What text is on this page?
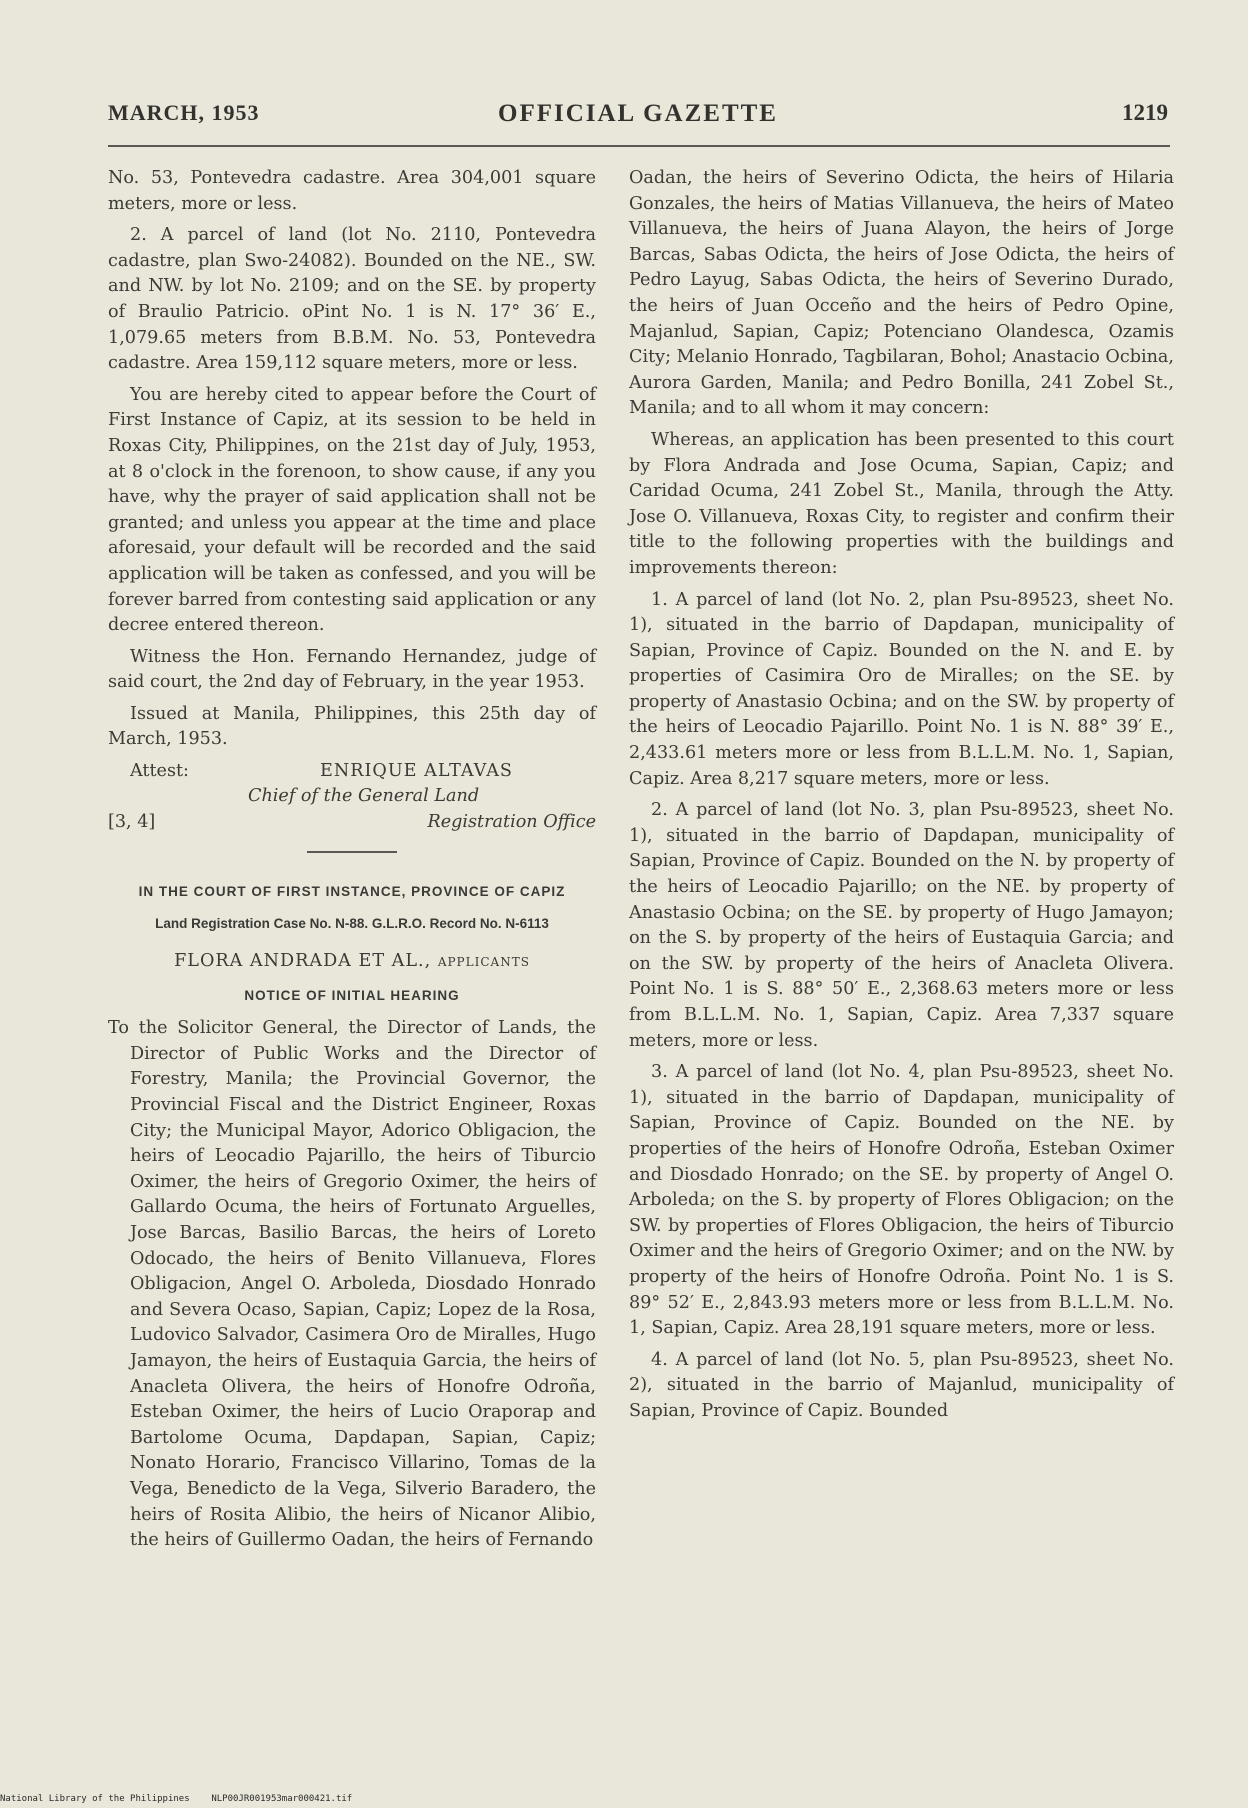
OFFICIAL GAZETTE
MARCH, 1953	1219

No. 53, Pontevedra cadastre. Area 304,001 square meters, more or less.

2. A parcel of land (lot No. 2110, Pontevedra cadastre, plan Swo-24082). Bounded on the NE., SW. and NW. by lot No. 2109; and on the SE. by property of Braulio Patricio. oPint No. 1 is N. 17° 36′ E., 1,079.65 meters from B.B.M. No. 53, Pontevedra cadastre. Area 159,112 square meters, more or less.

You are hereby cited to appear before the Court of First Instance of Capiz, at its session to be held in Roxas City, Philippines, on the 21st day of July, 1953, at 8 o'clock in the forenoon, to show cause, if any you have, why the prayer of said application shall not be granted; and unless you appear at the time and place aforesaid, your default will be recorded and the said application will be taken as confessed, and you will be forever barred from contesting said application or any decree entered thereon.

Witness the Hon. Fernando Hernandez, judge of said court, the 2nd day of February, in the year 1953.

Issued at Manila, Philippines, this 25th day of March, 1953.

Attest:	ENRIQUE ALTAVAS
Chief of the General Land
[3, 4]	Registration Office
IN THE COURT OF FIRST INSTANCE, PROVINCE OF CAPIZ
Land Registration Case No. N-88. G.L.R.O. Record No. N-6113
FLORA ANDRADA ET AL., applicants
NOTICE OF INITIAL HEARING

To the Solicitor General, the Director of Lands, the Director of Public Works and the Director of Forestry, Manila; the Provincial Governor, the Provincial Fiscal and the District Engineer, Roxas City; the Municipal Mayor, Adorico Obligacion, the heirs of Leocadio Pajarillo, the heirs of Tiburcio Oximer, the heirs of Gregorio Oximer, the heirs of Gallardo Ocuma, the heirs of Fortunato Arguelles, Jose Barcas, Basilio Barcas, the heirs of Loreto Odocado, the heirs of Benito Villanueva, Flores Obligacion, Angel O. Arboleda, Diosdado Honrado and Severa Ocaso, Sapian, Capiz; Lopez de la Rosa, Ludovico Salvador, Casimera Oro de Miralles, Hugo Jamayon, the heirs of Eustaquia Garcia, the heirs of Anacleta Olivera, the heirs of Honofre Odroña, Esteban Oximer, the heirs of Lucio Oraporap and Bartolome Ocuma, Dapdapan, Sapian, Capiz; Nonato Horario, Francisco Villarino, Tomas de la Vega, Benedicto de la Vega, Silverio Baradero, the heirs of Rosita Alibio, the heirs of Nicanor Alibio, the heirs of Guillermo Oadan, the heirs of Fernando

Oadan, the heirs of Severino Odicta, the heirs of Hilaria Gonzales, the heirs of Matias Villanueva, the heirs of Mateo Villanueva, the heirs of Juana Alayon, the heirs of Jorge Barcas, Sabas Odicta, the heirs of Jose Odicta, the heirs of Pedro Layug, Sabas Odicta, the heirs of Severino Durado, the heirs of Juan Occeño and the heirs of Pedro Opine, Majanlud, Sapian, Capiz; Potenciano Olandesca, Ozamis City; Melanio Honrado, Tagbilaran, Bohol; Anastacio Ocbina, Aurora Garden, Manila; and Pedro Bonilla, 241 Zobel St., Manila; and to all whom it may concern:

Whereas, an application has been presented to this court by Flora Andrada and Jose Ocuma, Sapian, Capiz; and Caridad Ocuma, 241 Zobel St., Manila, through the Atty. Jose O. Villanueva, Roxas City, to register and confirm their title to the following properties with the buildings and improvements thereon:

1. A parcel of land (lot No. 2, plan Psu-89523, sheet No. 1), situated in the barrio of Dapdapan, municipality of Sapian, Province of Capiz. Bounded on the N. and E. by properties of Casimira Oro de Miralles; on the SE. by property of Anastasio Ocbina; and on the SW. by property of the heirs of Leocadio Pajarillo. Point No. 1 is N. 88° 39′ E., 2,433.61 meters more or less from B.L.L.M. No. 1, Sapian, Capiz. Area 8,217 square meters, more or less.

2. A parcel of land (lot No. 3, plan Psu-89523, sheet No. 1), situated in the barrio of Dapdapan, municipality of Sapian, Province of Capiz. Bounded on the N. by property of the heirs of Leocadio Pajarillo; on the NE. by property of Anastasio Ocbina; on the SE. by property of Hugo Jamayon; on the S. by property of the heirs of Eustaquia Garcia; and on the SW. by property of the heirs of Anacleta Olivera. Point No. 1 is S. 88° 50′ E., 2,368.63 meters more or less from B.L.L.M. No. 1, Sapian, Capiz. Area 7,337 square meters, more or less.

3. A parcel of land (lot No. 4, plan Psu-89523, sheet No. 1), situated in the barrio of Dapdapan, municipality of Sapian, Province of Capiz. Bounded on the NE. by properties of the heirs of Honofre Odroña, Esteban Oximer and Diosdado Honrado; on the SE. by property of Angel O. Arboleda; on the S. by property of Flores Obligacion; on the SW. by properties of Flores Obligacion, the heirs of Tiburcio Oximer and the heirs of Gregorio Oximer; and on the NW. by property of the heirs of Honofre Odroña. Point No. 1 is S. 89° 52′ E., 2,843.93 meters more or less from B.L.L.M. No. 1, Sapian, Capiz. Area 28,191 square meters, more or less.

4. A parcel of land (lot No. 5, plan Psu-89523, sheet No. 2), situated in the barrio of Majanlud, municipality of Sapian, Province of Capiz. Bounded

National Library of the Philippines NLP00JR001953mar000421.tif
